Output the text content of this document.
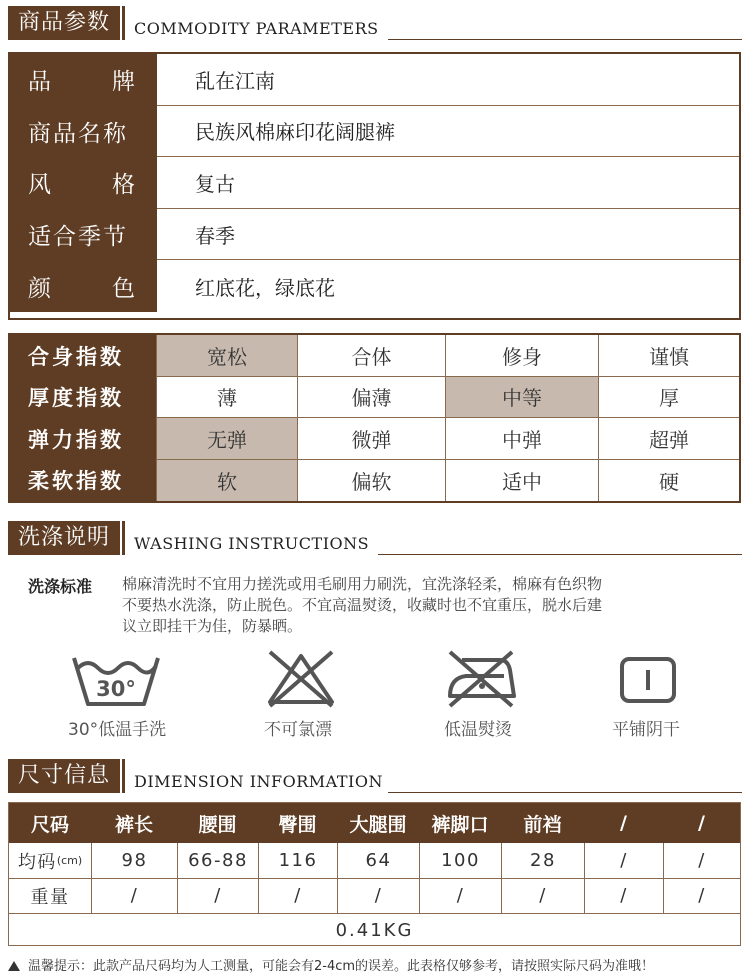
商品参数	COMMODITY PARAMETERS
品	牌	乱在江南
商品名称	民族风棉麻印花阔腿裤
风	格	复古
适合季节	春季
颜	色	红底花，绿底花
合身指数	宽松	合体	修身	谨慎
厚度指数	薄	偏薄	中等	厚
弹力指数	无弹	微弹	中弹	超弹
柔软指数	软	偏软	适中	硬
洗涤说明	WASHING INSTRUCTIONS
洗涤标准 棉麻清洗时不宜用力搓洗或用毛刷用力刷洗，宜洗涤轻柔，棉麻有色织物
不要热水洗涤，防止脱色。不宜高温熨烫，收藏时也不宜重压，脱水后建
议立即挂干为佳，防暴晒。
30°
30°低温手洗	不可氯漂	低温熨烫	平铺阴干
尺寸信息	DIMENSION INFORMATION
尺码	裤长	腰围	臀围	大腿围	裤脚口	前裆	/	/
均码 (cm)	98	66-88	116	64	100	28	/	/
重量	/	/	/	/	/	/	/	/
0.41KG
温馨提示：此款产品尺码均为人工测量，可能会有2-4cm的误差。此表格仅够参考，请按照实际尺码为准哦！
